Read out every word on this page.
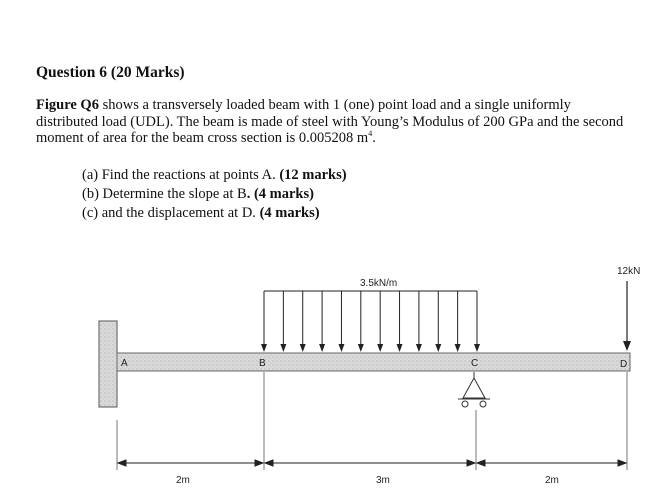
Question 6 (20 Marks)
Figure Q6 shows a transversely loaded beam with 1 (one) point load and a single uniformly distributed load (UDL). The beam is made of steel with Young’s Modulus of 200 GPa and the second moment of area for the beam cross section is 0.005208 $m^4$.
(a) Find the reactions at points A. (12 marks)
(b) Determine the slope at B. (4 marks)
(c) and the displacement at D. (4 marks)
A	B	C	D
3.5kN/m
12kN
2m	3m	2m
